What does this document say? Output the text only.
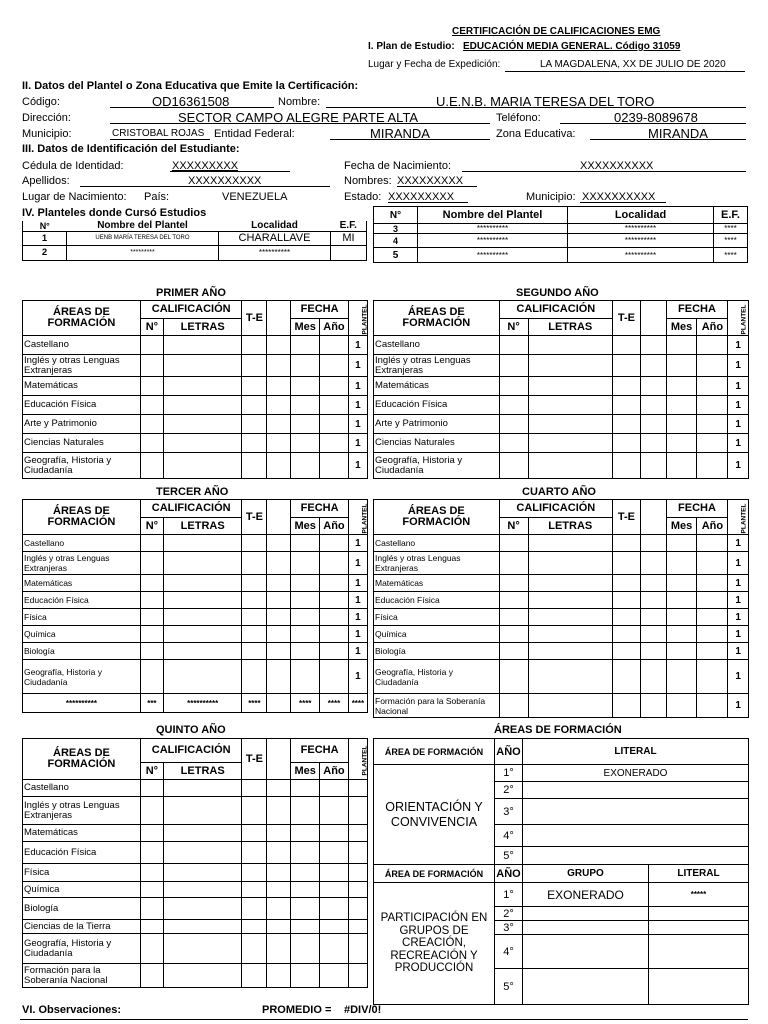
CERTIFICACIÓN DE CALIFICACIONES EMG
I. Plan de Estudio: EDUCACIÓN MEDIA GENERAL. Código 31059
Lugar y Fecha de Expedición:	LA MAGDALENA, XX DE JULIO DE 2020
II. Datos del Plantel o Zona Educativa que Emite la Certificación:
Código:	OD16361508	Nombre:	U.E.N.B. MARIA TERESA DEL TORO
Dirección:	SECTOR CAMPO ALEGRE PARTE ALTA	Teléfono:	0239-8089678
Municipio:	CRISTOBAL ROJAS Entidad Federal:	MIRANDA	Zona Educativa:	MIRANDA
III. Datos de Identificación del Estudiante:
Cédula de Identidad:	XXXXXXXXX	Fecha de Nacimiento:	XXXXXXXXXX
Apellidos:	XXXXXXXXXX	Nombres: XXXXXXXXX
Lugar de Nacimiento: País:	VENEZUELA	Estado: XXXXXXXXX	Municipio: XXXXXXXXXX
IV. Planteles donde Cursó Estudios
N°	Nombre del Plantel	Localidad	E.F.
1	UENB MARÍA TERESA DEL TORO	CHARALLAVE	MI
2	*********	**********	
N°	Nombre del Plantel	Localidad	E.F.
3	**********	**********	****
4	**********	**********	****
5	**********	**********	****
PRIMER AÑO	SEGUNDO AÑO
TERCER AÑO	CUARTO AÑO
QUINTO AÑO	ÁREAS DE FORMACIÓN
ÁREAS DE FORMACIÓN	CALIFICACIÓN		T-E		FECHA		PLANTEL
	N°	LETRAS			Mes	Año	
Castellano							1
Inglés y otras Lenguas Extranjeras							1
Matemáticas							1
Educación Física							1
Arte y Patrimonio							1
Ciencias Naturales							1
Geografía, Historia y Ciudadanía							1
ÁREAS DE FORMACIÓN	CALIFICACIÓN		T-E		FECHA		PLANTEL
	N°	LETRAS			Mes	Año	
Castellano							1
Inglés y otras Lenguas Extranjeras							1
Matemáticas							1
Educación Física							1
Arte y Patrimonio							1
Ciencias Naturales							1
Geografía, Historia y Ciudadanía							1
ÁREAS DE FORMACIÓN	CALIFICACIÓN		T-E		FECHA		PLANTEL
	N°	LETRAS			Mes	Año	
Castellano							1
Inglés y otras Lenguas Extranjeras							1
Matemáticas							1
Educación Física							1
Física							1
Química							1
Biología							1
Geografía, Historia y Ciudadanía							1
**********	***	**********	****		****	****	****
ÁREAS DE FORMACIÓN	CALIFICACIÓN		T-E		FECHA		PLANTEL
	N°	LETRAS			Mes	Año	
Castellano							1
Inglés y otras Lenguas Extranjeras							1
Matemáticas							1
Educación Física							1
Física							1
Química							1
Biología							1
Geografía, Historia y Ciudadanía							1
Formación para la Soberanía Nacional							1
ÁREAS DE FORMACIÓN	CALIFICACIÓN		T-E		FECHA		PLANTEL
	N°	LETRAS			Mes	Año	
Castellano							
Inglés y otras Lenguas Extranjeras							
Matemáticas							
Educación Física							
Física							
Química							
Biología							
Ciencias de la Tierra							
Geografía, Historia y Ciudadanía							
Formación para la Soberanía Nacional							
ÁREA DE FORMACIÓN	AÑO	LITERAL	
ORIENTACIÓN Y CONVIVENCIA	1°	EXONERADO	
	2°		
	3°		
	4°		
	5°		
ÁREA DE FORMACIÓN	AÑO	GRUPO	LITERAL
PARTICIPACIÓN EN GRUPOS DE CREACIÓN, RECREACIÓN Y PRODUCCIÓN	1°	EXONERADO	*****
	2°		
	3°		
	4°		
	5°		
VI. Observaciones:	PROMEDIO = #DIV/0!
